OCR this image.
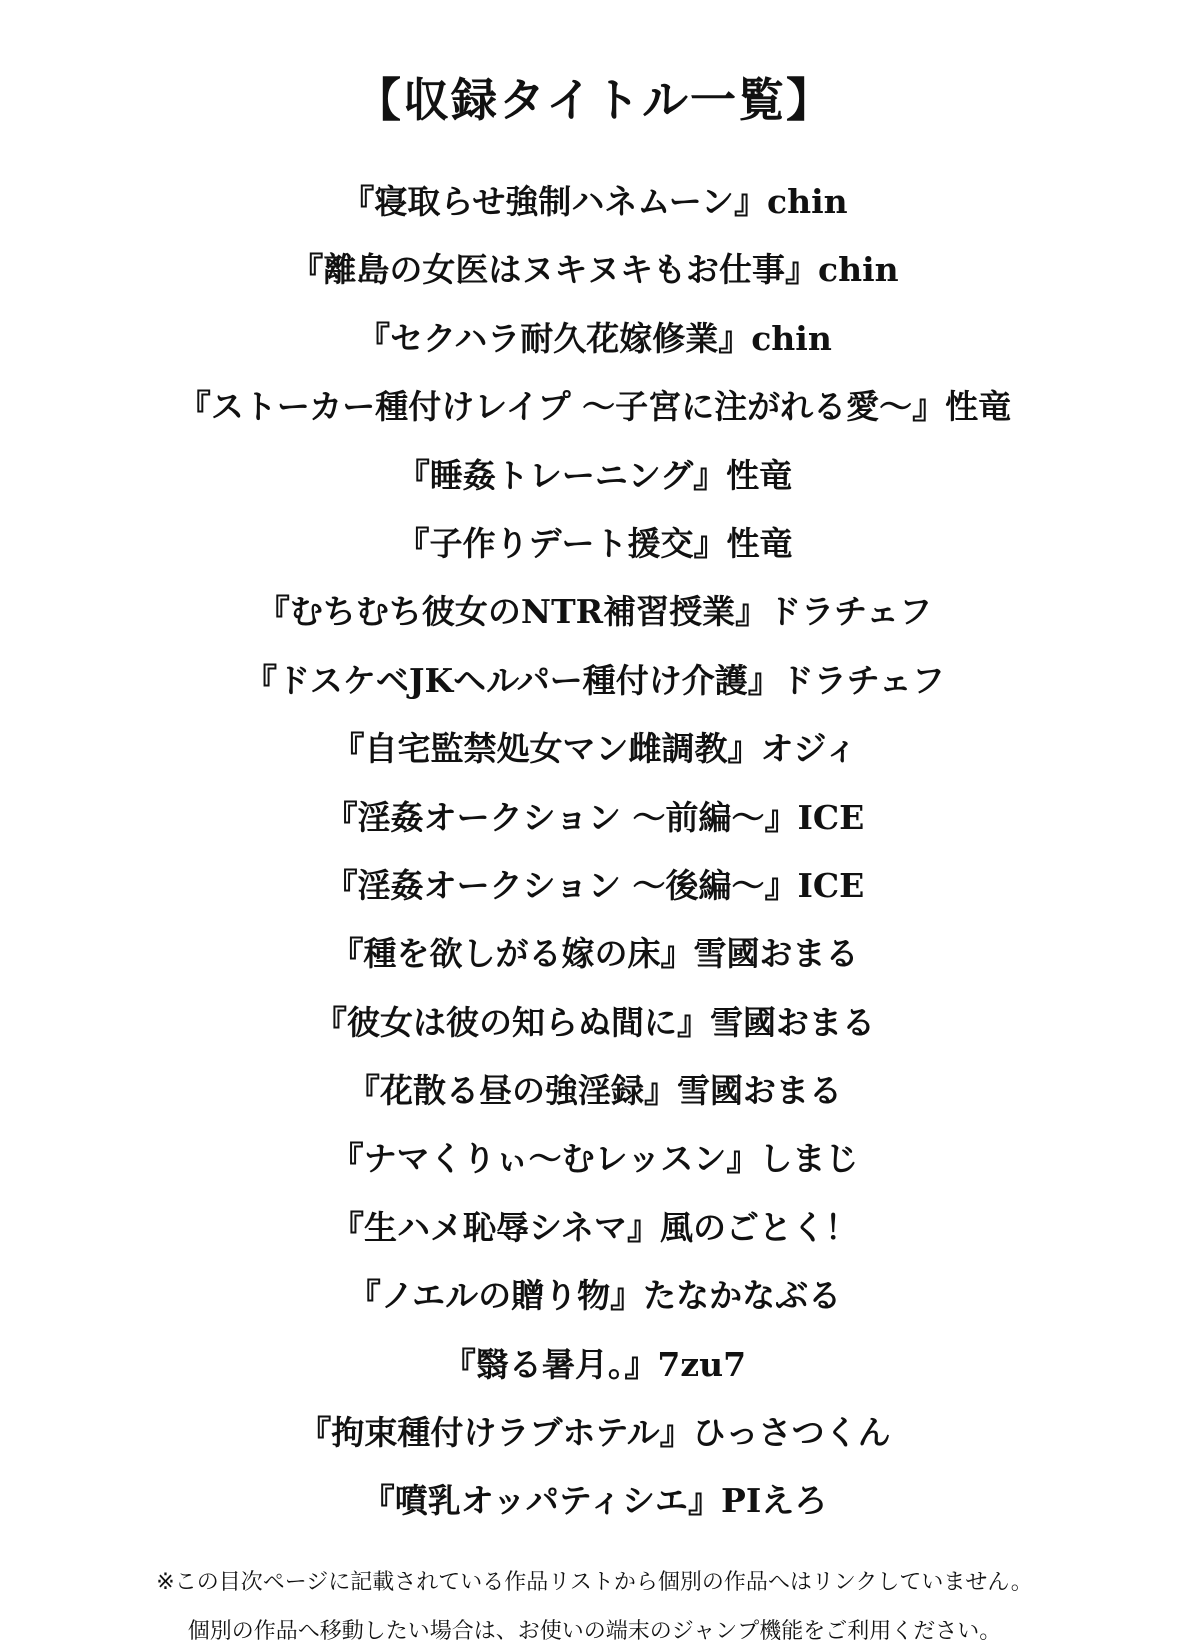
【収録タイトル一覧】
『寝取らせ強制ハネムーン』chin
『離島の女医はヌキヌキもお仕事』chin
『セクハラ耐久花嫁修業』chin
『ストーカー種付けレイプ ～子宮に注がれる愛～』性竜
『睡姦トレーニング』性竜
『子作りデート援交』性竜
『むちむち彼女のNTR補習授業』ドラチェフ
『ドスケベJKヘルパー種付け介護』ドラチェフ
『自宅監禁処女マン雌調教』オジィ
『淫姦オークション ～前編～』ICE
『淫姦オークション ～後編～』ICE
『種を欲しがる嫁の床』雪國おまる
『彼女は彼の知らぬ間に』雪國おまる
『花散る昼の強淫録』雪國おまる
『ナマくりぃ～むレッスン』しまじ
『生ハメ恥辱シネマ』風のごとく！
『ノエルの贈り物』たなかなぶる
『翳る暑月。』7zu7
『拘束種付けラブホテル』ひっさつくん
『噴乳オッパティシエ』PIえろ
※この目次ページに記載されている作品リストから個別の作品へはリンクしていません。
個別の作品へ移動したい場合は、お使いの端末のジャンプ機能をご利用ください。
